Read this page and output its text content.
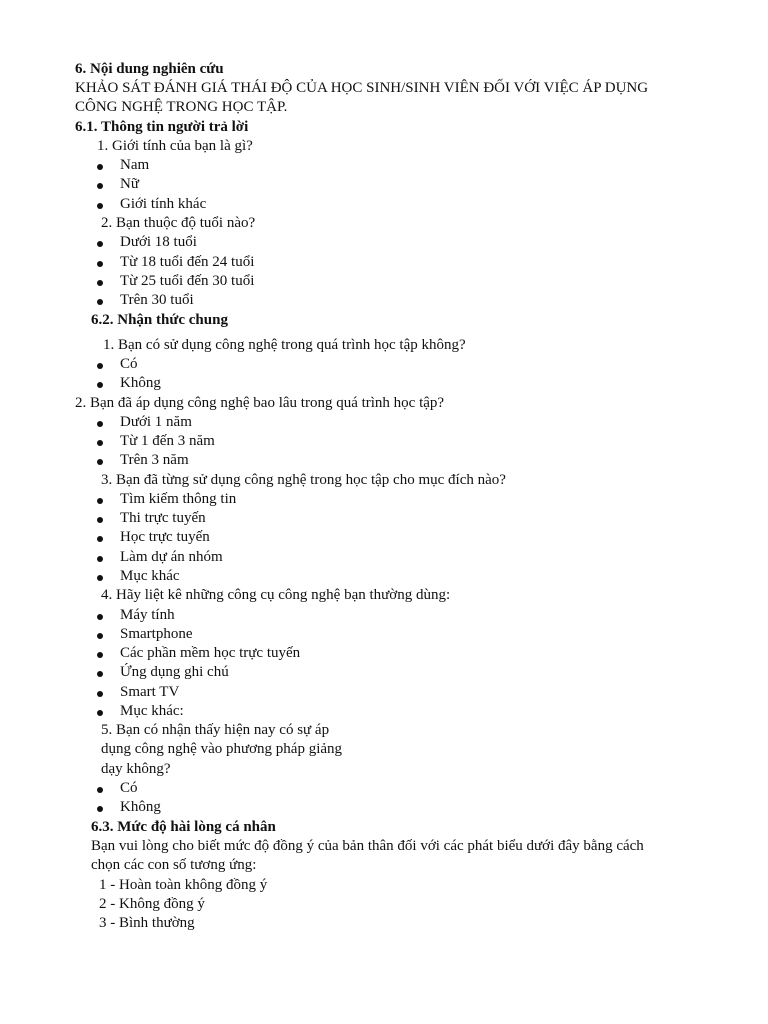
6. Nội dung nghiên cứu
KHẢO SÁT ĐÁNH GIÁ THÁI ĐỘ CỦA HỌC SINH/SINH VIÊN ĐỐI VỚI VIỆC ÁP DỤNG
CÔNG NGHỆ TRONG HỌC TẬP.
6.1. Thông tin người trả lời
1. Giới tính của bạn là gì?
Nam
Nữ
Giới tính khác
2. Bạn thuộc độ tuổi nào?
Dưới 18 tuổi
Từ 18 tuổi đến 24 tuổi
Từ 25 tuổi đến 30 tuổi
Trên 30 tuổi
6.2. Nhận thức chung
1. Bạn có sử dụng công nghệ trong quá trình học tập không?
Có
Không
2. Bạn đã áp dụng công nghệ bao lâu trong quá trình học tập?
Dưới 1 năm
Từ 1 đến 3 năm
Trên 3 năm
3. Bạn đã từng sử dụng công nghệ trong học tập cho mục đích nào?
Tìm kiếm thông tin
Thi trực tuyến
Học trực tuyến
Làm dự án nhóm
Mục khác
4. Hãy liệt kê những công cụ công nghệ bạn thường dùng:
Máy tính
Smartphone
Các phần mềm học trực tuyến
Ứng dụng ghi chú
Smart TV
Mục khác:
5. Bạn có nhận thấy hiện nay có sự áp
dụng công nghệ vào phương pháp giảng
dạy không?
Có
Không
6.3. Mức độ hài lòng cá nhân
Bạn vui lòng cho biết mức độ đồng ý của bản thân đối với các phát biểu dưới đây bằng cách
chọn các con số tương ứng:
1 - Hoàn toàn không đồng ý
2 - Không đồng ý
3 - Bình thường
